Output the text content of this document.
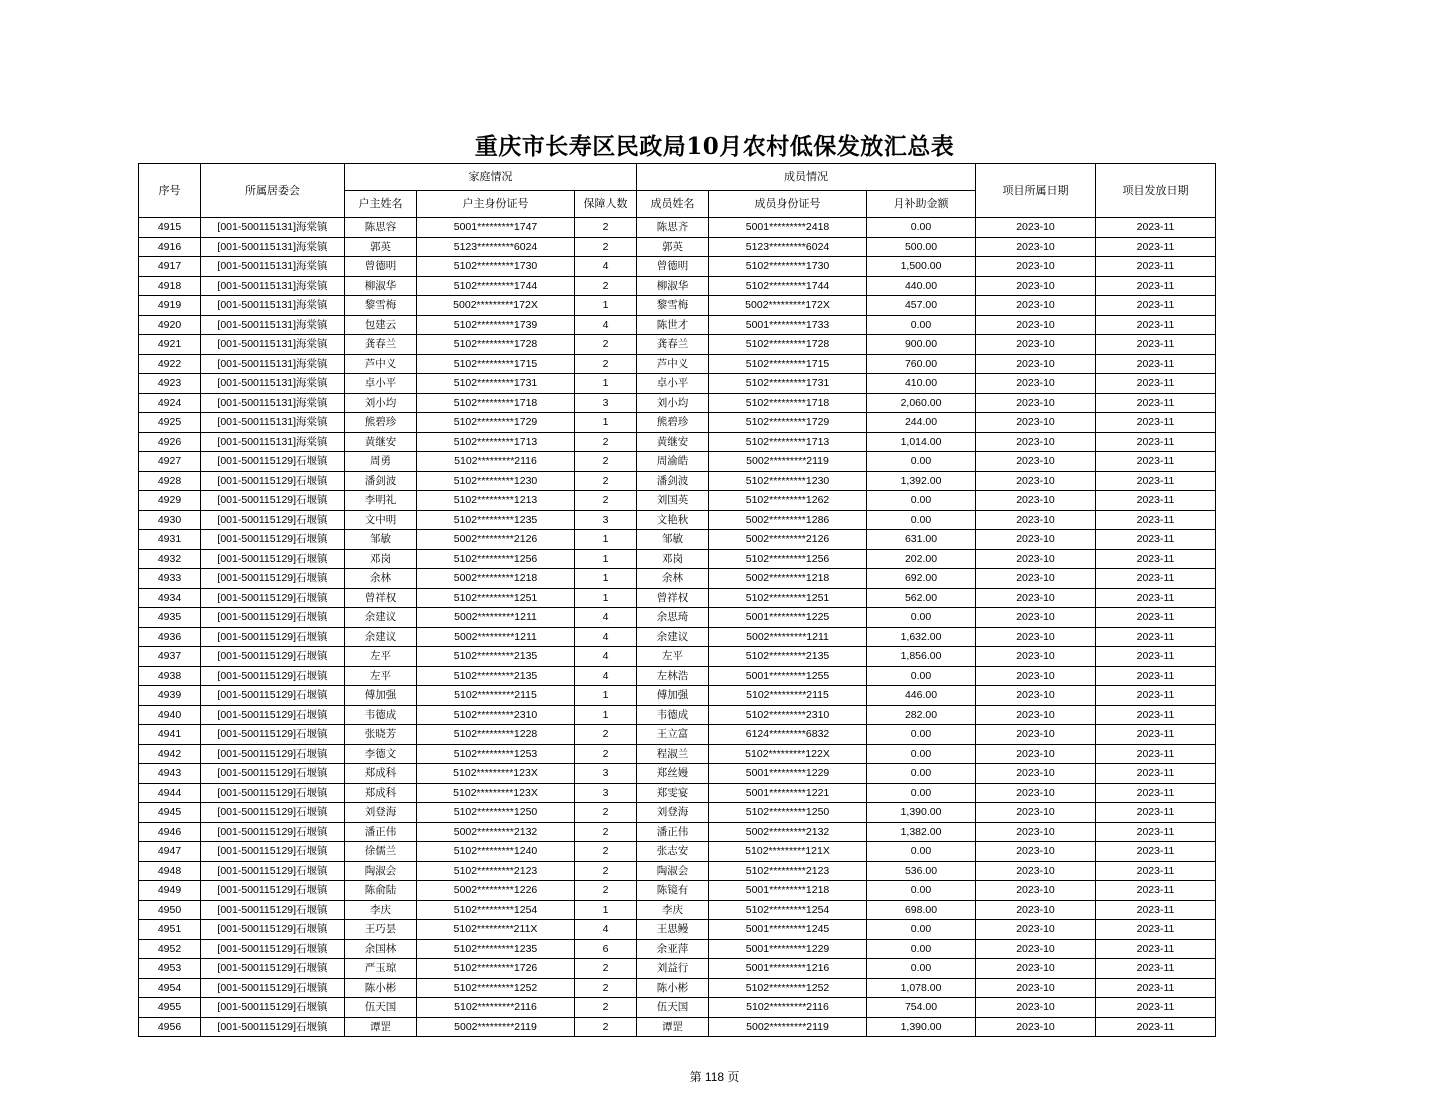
重庆市长寿区民政局10月农村低保发放汇总表
序号	所属居委会	家庭情况			成员情况			项目所属日期	项目发放日期
		户主姓名	户主身份证号	保障人数	成员姓名	成员身份证号	月补助金额		
4915	[001-500115131]海棠镇	陈思容	5001*********1747	2	陈思齐	5001*********2418	0.00	2023-10	2023-11
4916	[001-500115131]海棠镇	郭英	5123*********6024	2	郭英	5123*********6024	500.00	2023-10	2023-11
4917	[001-500115131]海棠镇	曾德明	5102*********1730	4	曾德明	5102*********1730	1,500.00	2023-10	2023-11
4918	[001-500115131]海棠镇	柳淑华	5102*********1744	2	柳淑华	5102*********1744	440.00	2023-10	2023-11
4919	[001-500115131]海棠镇	黎雪梅	5002*********172X	1	黎雪梅	5002*********172X	457.00	2023-10	2023-11
4920	[001-500115131]海棠镇	包建云	5102*********1739	4	陈世才	5001*********1733	0.00	2023-10	2023-11
4921	[001-500115131]海棠镇	龚春兰	5102*********1728	2	龚春兰	5102*********1728	900.00	2023-10	2023-11
4922	[001-500115131]海棠镇	芦中义	5102*********1715	2	芦中义	5102*********1715	760.00	2023-10	2023-11
4923	[001-500115131]海棠镇	卓小平	5102*********1731	1	卓小平	5102*********1731	410.00	2023-10	2023-11
4924	[001-500115131]海棠镇	刘小均	5102*********1718	3	刘小均	5102*********1718	2,060.00	2023-10	2023-11
4925	[001-500115131]海棠镇	熊碧珍	5102*********1729	1	熊碧珍	5102*********1729	244.00	2023-10	2023-11
4926	[001-500115131]海棠镇	黄继安	5102*********1713	2	黄继安	5102*********1713	1,014.00	2023-10	2023-11
4927	[001-500115129]石堰镇	周勇	5102*********2116	2	周渝皓	5002*********2119	0.00	2023-10	2023-11
4928	[001-500115129]石堰镇	潘剑波	5102*********1230	2	潘剑波	5102*********1230	1,392.00	2023-10	2023-11
4929	[001-500115129]石堰镇	李明礼	5102*********1213	2	刘国英	5102*********1262	0.00	2023-10	2023-11
4930	[001-500115129]石堰镇	文中明	5102*********1235	3	文艳秋	5002*********1286	0.00	2023-10	2023-11
4931	[001-500115129]石堰镇	邹敏	5002*********2126	1	邹敏	5002*********2126	631.00	2023-10	2023-11
4932	[001-500115129]石堰镇	邓岗	5102*********1256	1	邓岗	5102*********1256	202.00	2023-10	2023-11
4933	[001-500115129]石堰镇	余林	5002*********1218	1	余林	5002*********1218	692.00	2023-10	2023-11
4934	[001-500115129]石堰镇	曾祥权	5102*********1251	1	曾祥权	5102*********1251	562.00	2023-10	2023-11
4935	[001-500115129]石堰镇	余建议	5002*********1211	4	余思琦	5001*********1225	0.00	2023-10	2023-11
4936	[001-500115129]石堰镇	余建议	5002*********1211	4	余建议	5002*********1211	1,632.00	2023-10	2023-11
4937	[001-500115129]石堰镇	左平	5102*********2135	4	左平	5102*********2135	1,856.00	2023-10	2023-11
4938	[001-500115129]石堰镇	左平	5102*********2135	4	左林浩	5001*********1255	0.00	2023-10	2023-11
4939	[001-500115129]石堰镇	傅加强	5102*********2115	1	傅加强	5102*********2115	446.00	2023-10	2023-11
4940	[001-500115129]石堰镇	韦德成	5102*********2310	1	韦德成	5102*********2310	282.00	2023-10	2023-11
4941	[001-500115129]石堰镇	张晓芳	5102*********1228	2	王立富	6124*********6832	0.00	2023-10	2023-11
4942	[001-500115129]石堰镇	李德文	5102*********1253	2	程淑兰	5102*********122X	0.00	2023-10	2023-11
4943	[001-500115129]石堰镇	郑成科	5102*********123X	3	郑丝嫚	5001*********1229	0.00	2023-10	2023-11
4944	[001-500115129]石堰镇	郑成科	5102*********123X	3	郑雯宴	5001*********1221	0.00	2023-10	2023-11
4945	[001-500115129]石堰镇	刘登海	5102*********1250	2	刘登海	5102*********1250	1,390.00	2023-10	2023-11
4946	[001-500115129]石堰镇	潘正伟	5002*********2132	2	潘正伟	5002*********2132	1,382.00	2023-10	2023-11
4947	[001-500115129]石堰镇	徐儒兰	5102*********1240	2	张志安	5102*********121X	0.00	2023-10	2023-11
4948	[001-500115129]石堰镇	陶淑会	5102*********2123	2	陶淑会	5102*********2123	536.00	2023-10	2023-11
4949	[001-500115129]石堰镇	陈俞陆	5002*********1226	2	陈镜有	5001*********1218	0.00	2023-10	2023-11
4950	[001-500115129]石堰镇	李庆	5102*********1254	1	李庆	5102*********1254	698.00	2023-10	2023-11
4951	[001-500115129]石堰镇	王巧昙	5102*********211X	4	王思鳗	5001*********1245	0.00	2023-10	2023-11
4952	[001-500115129]石堰镇	余国林	5102*********1235	6	余亚萍	5001*********1229	0.00	2023-10	2023-11
4953	[001-500115129]石堰镇	严玉琼	5102*********1726	2	刘益行	5001*********1216	0.00	2023-10	2023-11
4954	[001-500115129]石堰镇	陈小彬	5102*********1252	2	陈小彬	5102*********1252	1,078.00	2023-10	2023-11
4955	[001-500115129]石堰镇	伍天国	5102*********2116	2	伍天国	5102*********2116	754.00	2023-10	2023-11
4956	[001-500115129]石堰镇	谭罡	5002*********2119	2	谭罡	5002*********2119	1,390.00	2023-10	2023-11
第 118 页
